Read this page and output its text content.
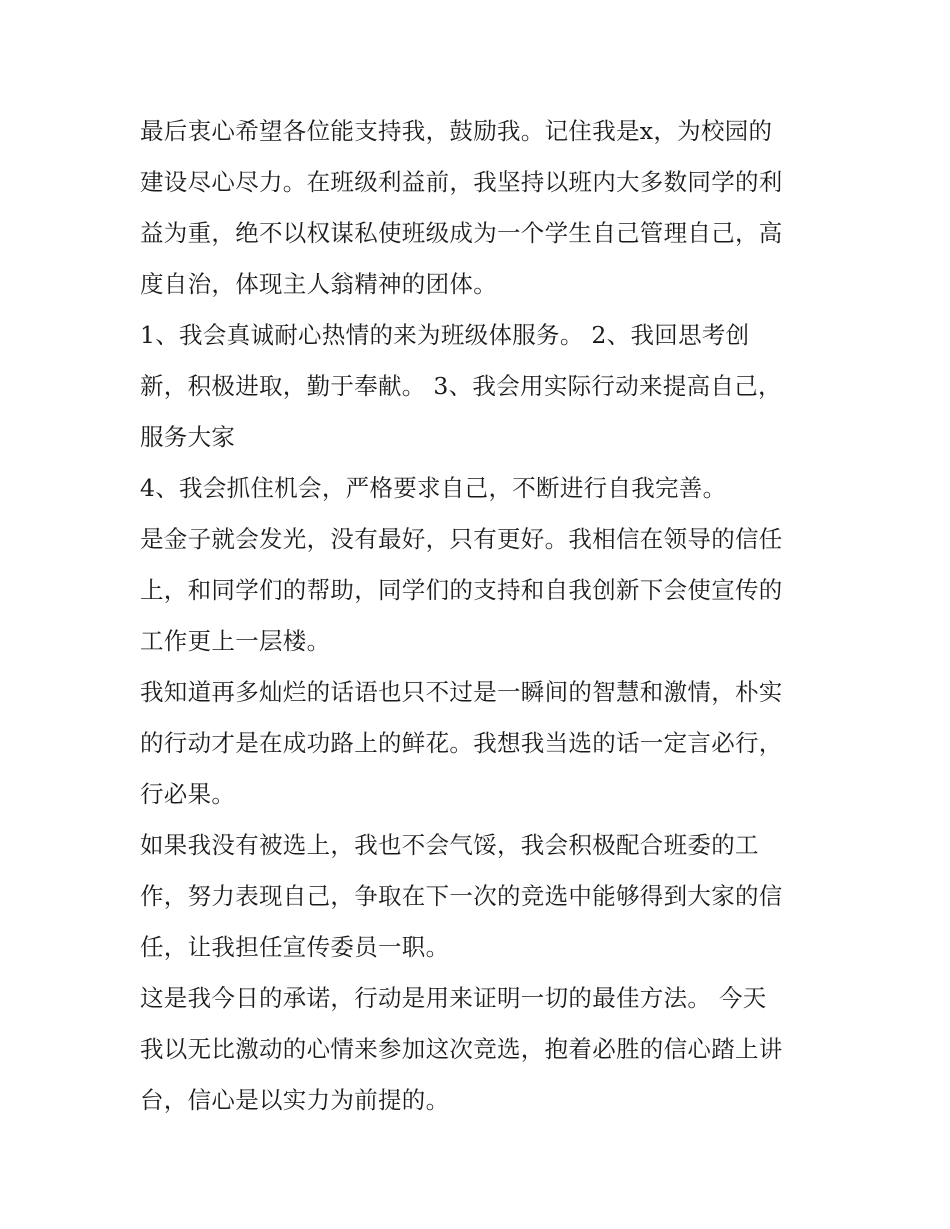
最后衷心希望各位能支持我，鼓励我。记住我是x，为校园的
建设尽心尽力。在班级利益前，我坚持以班内大多数同学的利
益为重，绝不以权谋私使班级成为一个学生自己管理自己，高
度自治，体现主人翁精神的团体。
1、我会真诚耐心热情的来为班级体服务。 2、我回思考创
新，积极进取，勤于奉献。 3、我会用实际行动来提高自己，
服务大家
4、我会抓住机会，严格要求自己，不断进行自我完善。
是金子就会发光，没有最好，只有更好。我相信在领导的信任
上，和同学们的帮助，同学们的支持和自我创新下会使宣传的
工作更上一层楼。
我知道再多灿烂的话语也只不过是一瞬间的智慧和激情，朴实
的行动才是在成功路上的鲜花。我想我当选的话一定言必行，
行必果。
如果我没有被选上，我也不会气馁，我会积极配合班委的工
作，努力表现自己，争取在下一次的竞选中能够得到大家的信
任，让我担任宣传委员一职。
这是我今日的承诺，行动是用来证明一切的最佳方法。 今天
我以无比激动的心情来参加这次竞选，抱着必胜的信心踏上讲
台，信心是以实力为前提的。
